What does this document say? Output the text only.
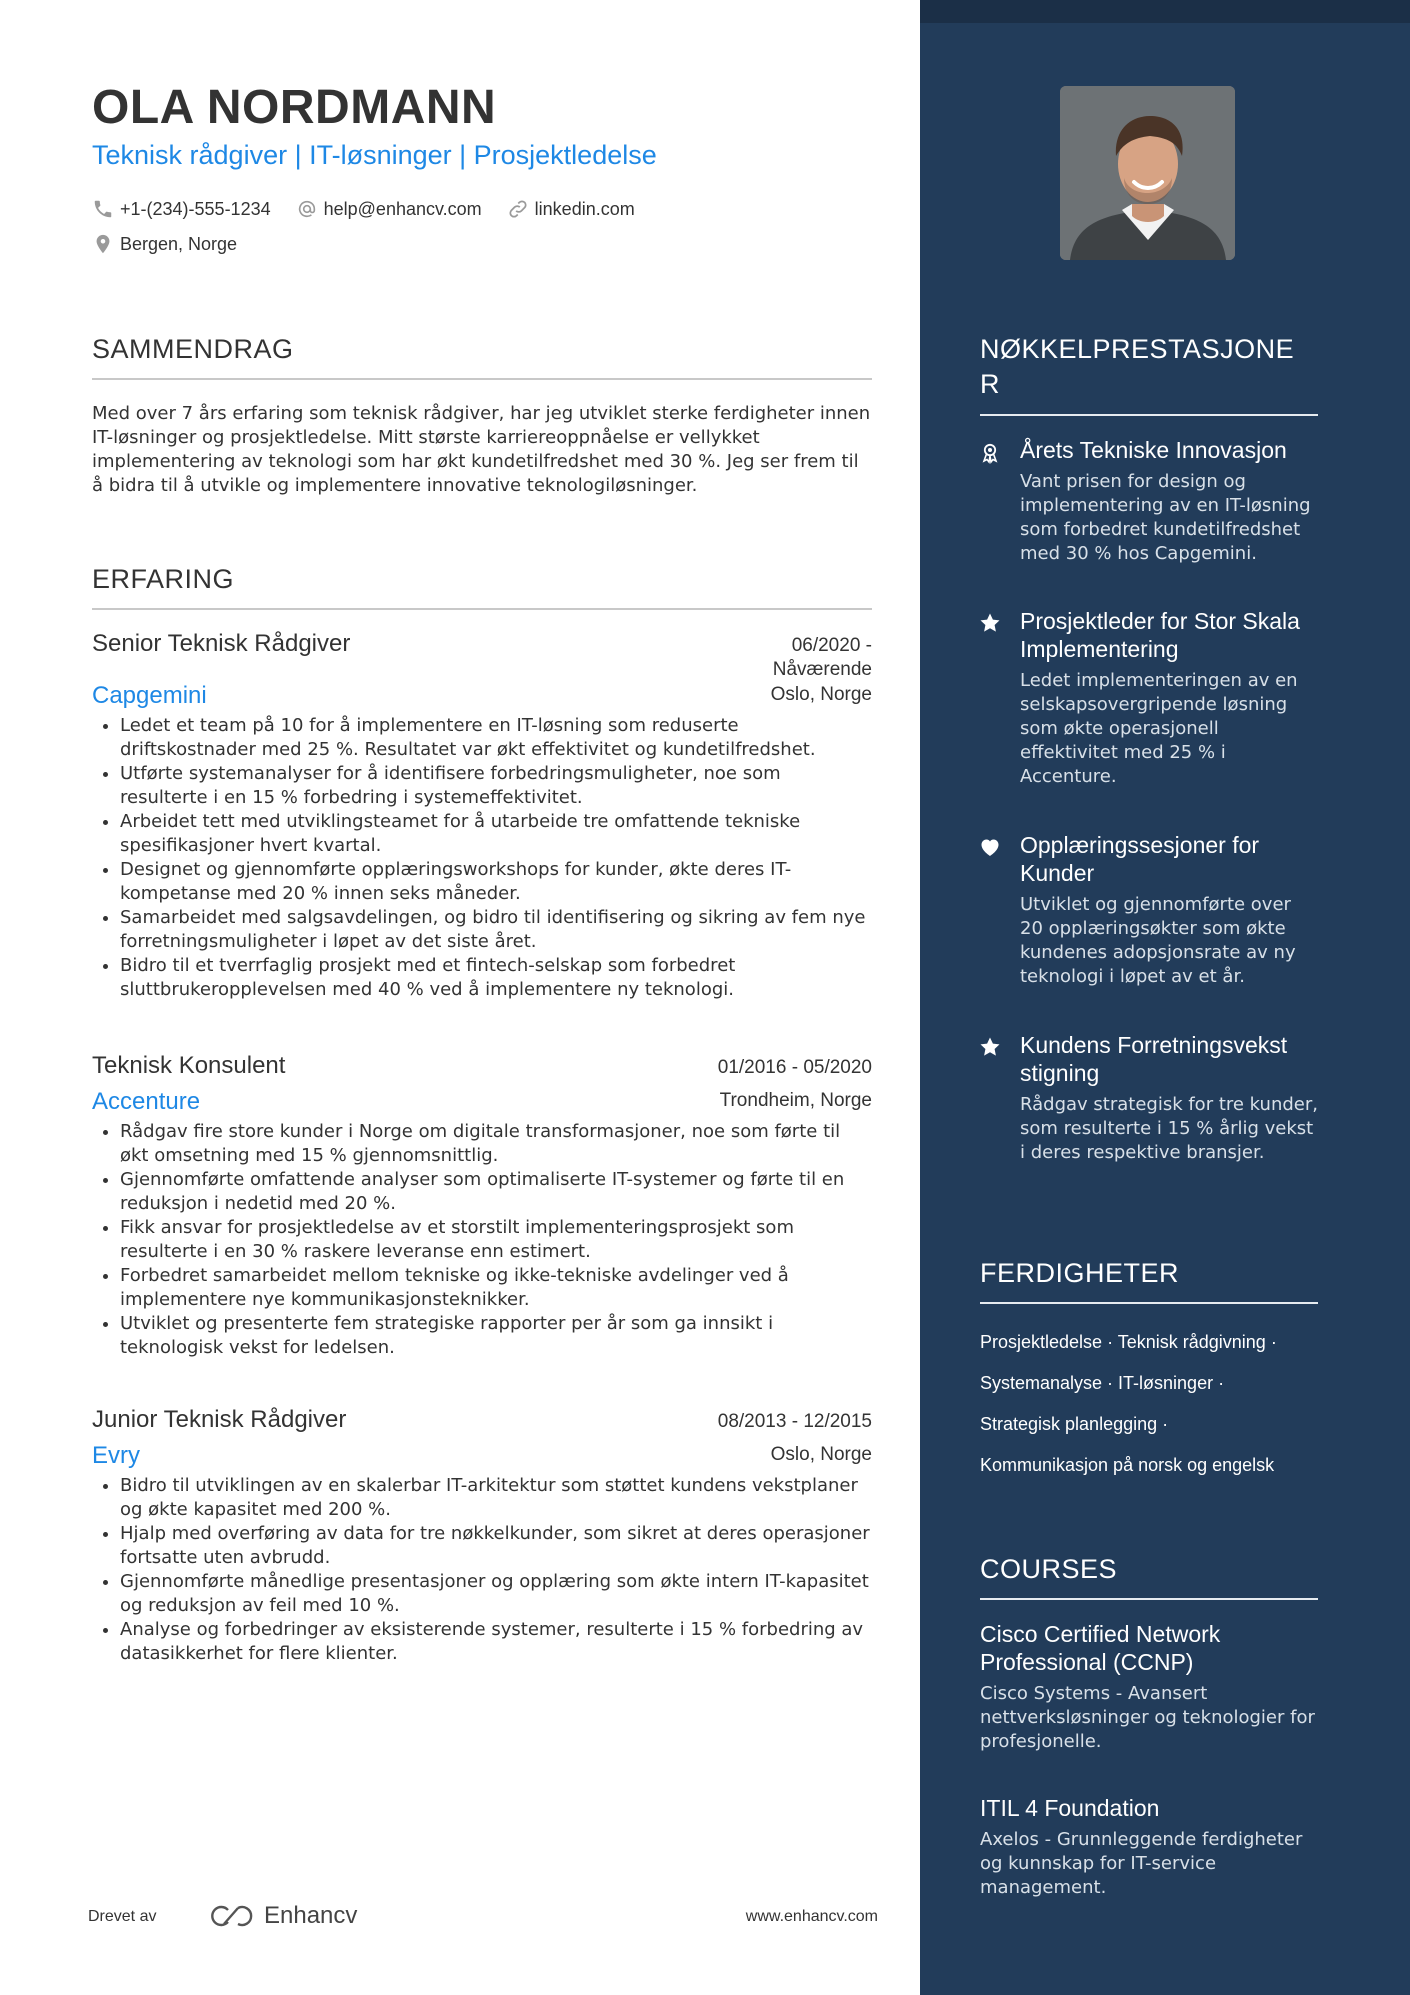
OLA NORDMANN
Teknisk rådgiver | IT-løsninger | Prosjektledelse
+1-(234)-555-1234
	help@enhancv.com
	linkedin.com
Bergen, Norge
SAMMENDRAG
Med over 7 års erfaring som teknisk rådgiver, har jeg utviklet sterke ferdigheter innen IT-løsninger og prosjektledelse. Mitt største karriereoppnåelse er vellykket implementering av teknologi som har økt kundetilfredshet med 30 %. Jeg ser frem til å bidra til å utvikle og implementere innovative teknologiløsninger.
ERFARING
Senior Teknisk Rådgiver	06/2020 -
Nåværende
Capgemini	Oslo, Norge
• Ledet et team på 10 for å implementere en IT-løsning som reduserte driftskostnader med 25 %. Resultatet var økt effektivitet og kundetilfredshet.
• Utførte systemanalyser for å identifisere forbedringsmuligheter, noe som resulterte i en 15 % forbedring i systemeffektivitet.
• Arbeidet tett med utviklingsteamet for å utarbeide tre omfattende tekniske spesifikasjoner hvert kvartal.
• Designet og gjennomførte opplæringsworkshops for kunder, økte deres IT-kompetanse med 20 % innen seks måneder.
• Samarbeidet med salgsavdelingen, og bidro til identifisering og sikring av fem nye forretningsmuligheter i løpet av det siste året.
• Bidro til et tverrfaglig prosjekt med et fintech-selskap som forbedret sluttbrukeropplevelsen med 40 % ved å implementere ny teknologi.
Teknisk Konsulent	01/2016 - 05/2020
Accenture	Trondheim, Norge
• Rådgav fire store kunder i Norge om digitale transformasjoner, noe som førte til økt omsetning med 15 % gjennomsnittlig.
• Gjennomførte omfattende analyser som optimaliserte IT-systemer og førte til en reduksjon i nedetid med 20 %.
• Fikk ansvar for prosjektledelse av et storstilt implementeringsprosjekt som resulterte i en 30 % raskere leveranse enn estimert.
• Forbedret samarbeidet mellom tekniske og ikke-tekniske avdelinger ved å implementere nye kommunikasjonsteknikker.
• Utviklet og presenterte fem strategiske rapporter per år som ga innsikt i teknologisk vekst for ledelsen.
Junior Teknisk Rådgiver	08/2013 - 12/2015
Evry	Oslo, Norge
• Bidro til utviklingen av en skalerbar IT-arkitektur som støttet kundens vekstplaner og økte kapasitet med 200 %.
• Hjalp med overføring av data for tre nøkkelkunder, som sikret at deres operasjoner fortsatte uten avbrudd.
• Gjennomførte månedlige presentasjoner og opplæring som økte intern IT-kapasitet og reduksjon av feil med 10 %.
• Analyse og forbedringer av eksisterende systemer, resulterte i 15 % forbedring av datasikkerhet for flere klienter.
Drevet av	Enhancv	www.enhancv.com
NØKKELPRESTASJONE
R
Årets Tekniske Innovasjon
Vant prisen for design og implementering av en IT-løsning som forbedret kundetilfredshet med 30 % hos Capgemini.
Prosjektleder for Stor Skala Implementering
Ledet implementeringen av en selskapsovergripende løsning som økte operasjonell effektivitet med 25 % i Accenture.
Opplæringssesjoner for Kunder
Utviklet og gjennomførte over 20 opplæringsøkter som økte kundenes adopsjonsrate av ny teknologi i løpet av et år.
Kundens Forretningsvekst
stigning
Rådgav strategisk for tre kunder, som resulterte i 15 % årlig vekst i deres respektive bransjer.
FERDIGHETER
Prosjektledelse · Teknisk rådgivning ·
Systemanalyse · IT-løsninger ·
Strategisk planlegging ·
Kommunikasjon på norsk og engelsk
COURSES
Cisco Certified Network Professional (CCNP)
Cisco Systems - Avansert nettverksløsninger og teknologier for profesjonelle.
ITIL 4 Foundation
Axelos - Grunnleggende ferdigheter og kunnskap for IT-service management.
